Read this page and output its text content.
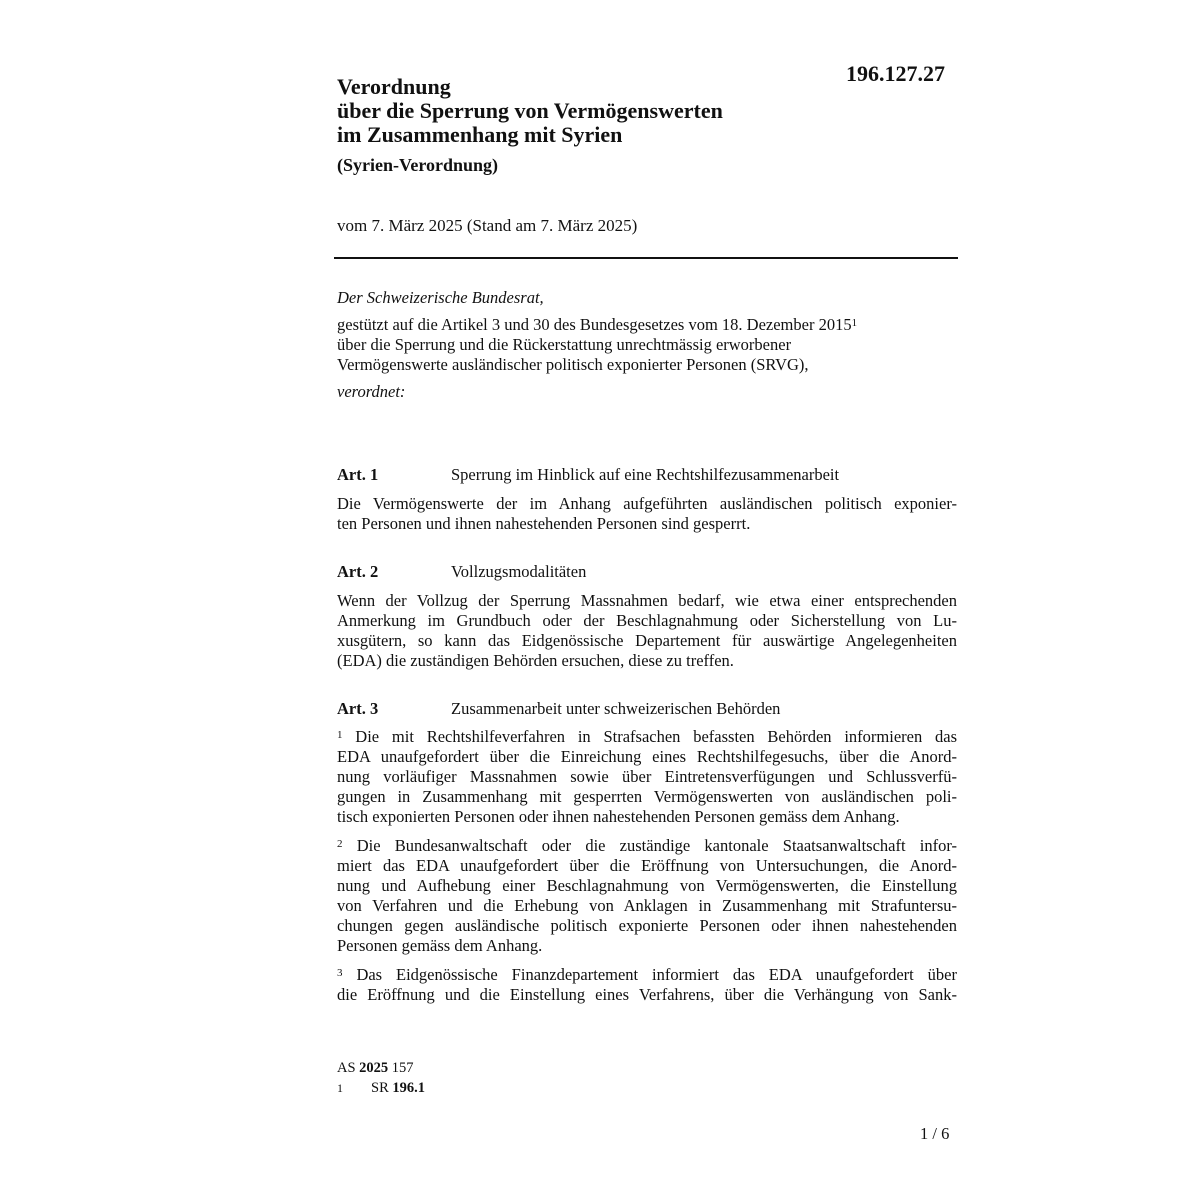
196.127.27
Verordnung
über die Sperrung von Vermögenswerten
im Zusammenhang mit Syrien
(Syrien-Verordnung)
vom 7. März 2025 (Stand am 7. März 2025)
Der Schweizerische Bundesrat,
gestützt auf die Artikel 3 und 30 des Bundesgesetzes vom 18. Dezember 2015$^1$
über die Sperrung und die Rückerstattung unrechtmässig erworbener
Vermögenswerte ausländischer politisch exponierter Personen (SRVG),
verordnet:
Art. 1	Sperrung im Hinblick auf eine Rechtshilfezusammenarbeit
Die Vermögenswerte der im Anhang aufgeführten ausländischen politisch exponier-
ten Personen und ihnen nahestehenden Personen sind gesperrt.
Art. 2	Vollzugsmodalitäten
Wenn der Vollzug der Sperrung Massnahmen bedarf, wie etwa einer entsprechenden
Anmerkung im Grundbuch oder der Beschlagnahmung oder Sicherstellung von Lu-
xusgütern, so kann das Eidgenössische Departement für auswärtige Angelegenheiten
(EDA) die zuständigen Behörden ersuchen, diese zu treffen.
Art. 3	Zusammenarbeit unter schweizerischen Behörden
$^1$ Die mit Rechtshilfeverfahren in Strafsachen befassten Behörden informieren das
EDA unaufgefordert über die Einreichung eines Rechtshilfegesuchs, über die Anord-
nung vorläufiger Massnahmen sowie über Eintretensverfügungen und Schlussverfü-
gungen in Zusammenhang mit gesperrten Vermögenswerten von ausländischen poli-
tisch exponierten Personen oder ihnen nahestehenden Personen gemäss dem Anhang.
$^2$ Die Bundesanwaltschaft oder die zuständige kantonale Staatsanwaltschaft infor-
miert das EDA unaufgefordert über die Eröffnung von Untersuchungen, die Anord-
nung und Aufhebung einer Beschlagnahmung von Vermögenswerten, die Einstellung
von Verfahren und die Erhebung von Anklagen in Zusammenhang mit Strafuntersu-
chungen gegen ausländische politisch exponierte Personen oder ihnen nahestehenden
Personen gemäss dem Anhang.
$^3$ Das Eidgenössische Finanzdepartement informiert das EDA unaufgefordert über
die Eröffnung und die Einstellung eines Verfahrens, über die Verhängung von Sank-
AS 2025 157
1 SR 196.1
1 / 6
